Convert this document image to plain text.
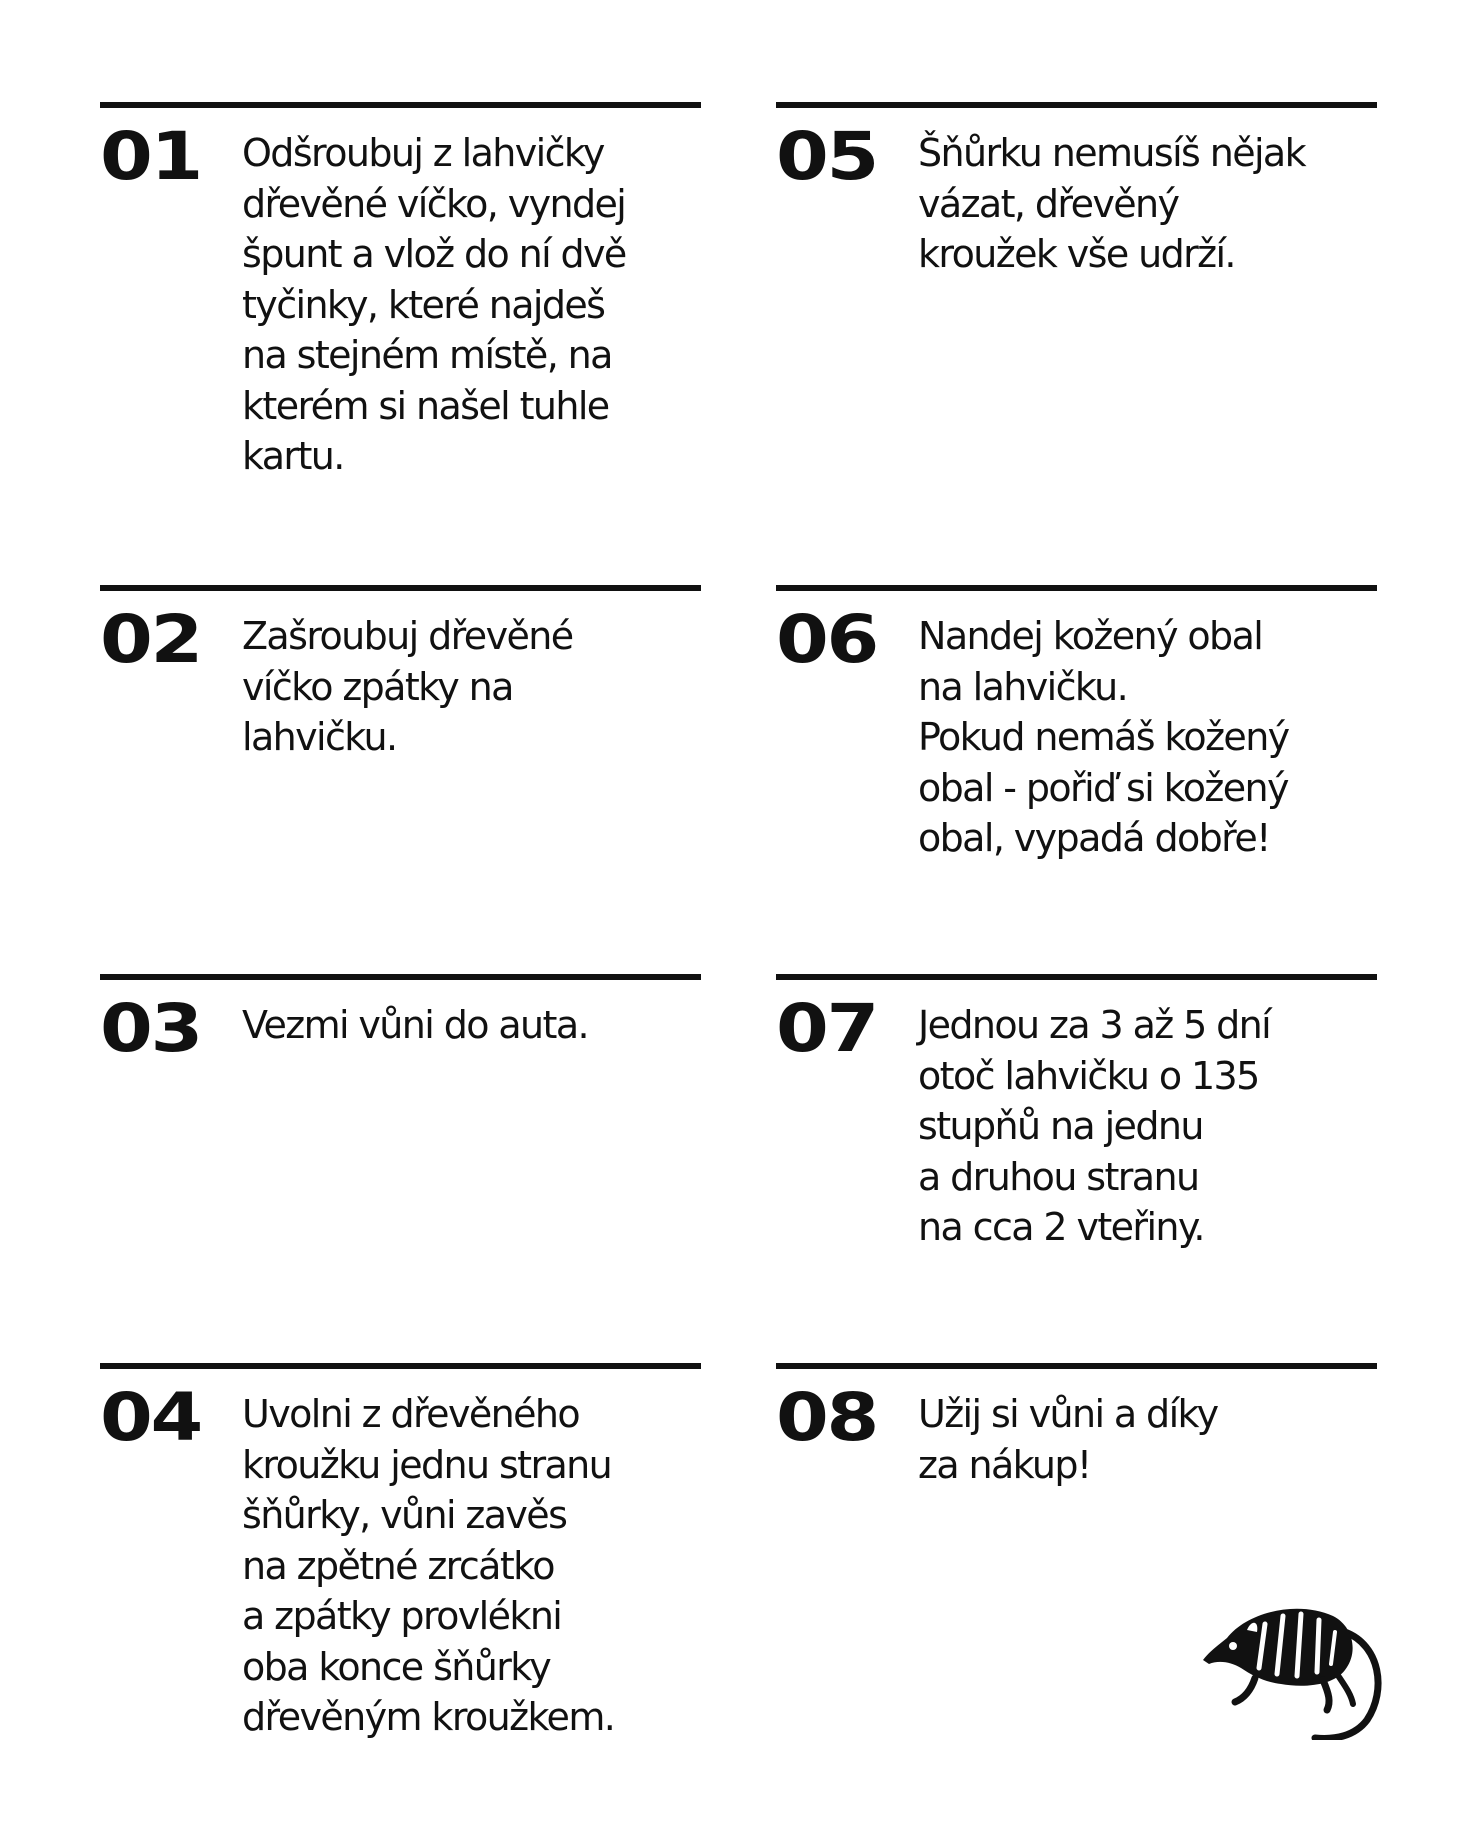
01 Odšroubuj z lahvičky
dřevěné víčko, vyndej
špunt a vlož do ní dvě
tyčinky, které najdeš
na stejném místě, na
kterém si našel tuhle
kartu.

02 Zašroubuj dřevěné
víčko zpátky na
lahvičku.

03 Vezmi vůni do auta.

04 Uvolni z dřevěného
kroužku jednu stranu
šňůrky, vůni zavěs
na zpětné zrcátko
a zpátky provlékni
oba konce šňůrky
dřevěným kroužkem.

05 Šňůrku nemusíš nějak
vázat, dřevěný
kroužek vše udrží.

06 Nandej kožený obal
na lahvičku.
Pokud nemáš kožený
obal - pořiď si kožený
obal, vypadá dobře!

07 Jednou za 3 až 5 dní
otoč lahvičku o 135
stupňů na jednu
a druhou stranu
na cca 2 vteřiny.

08 Užij si vůni a díky
za nákup!
